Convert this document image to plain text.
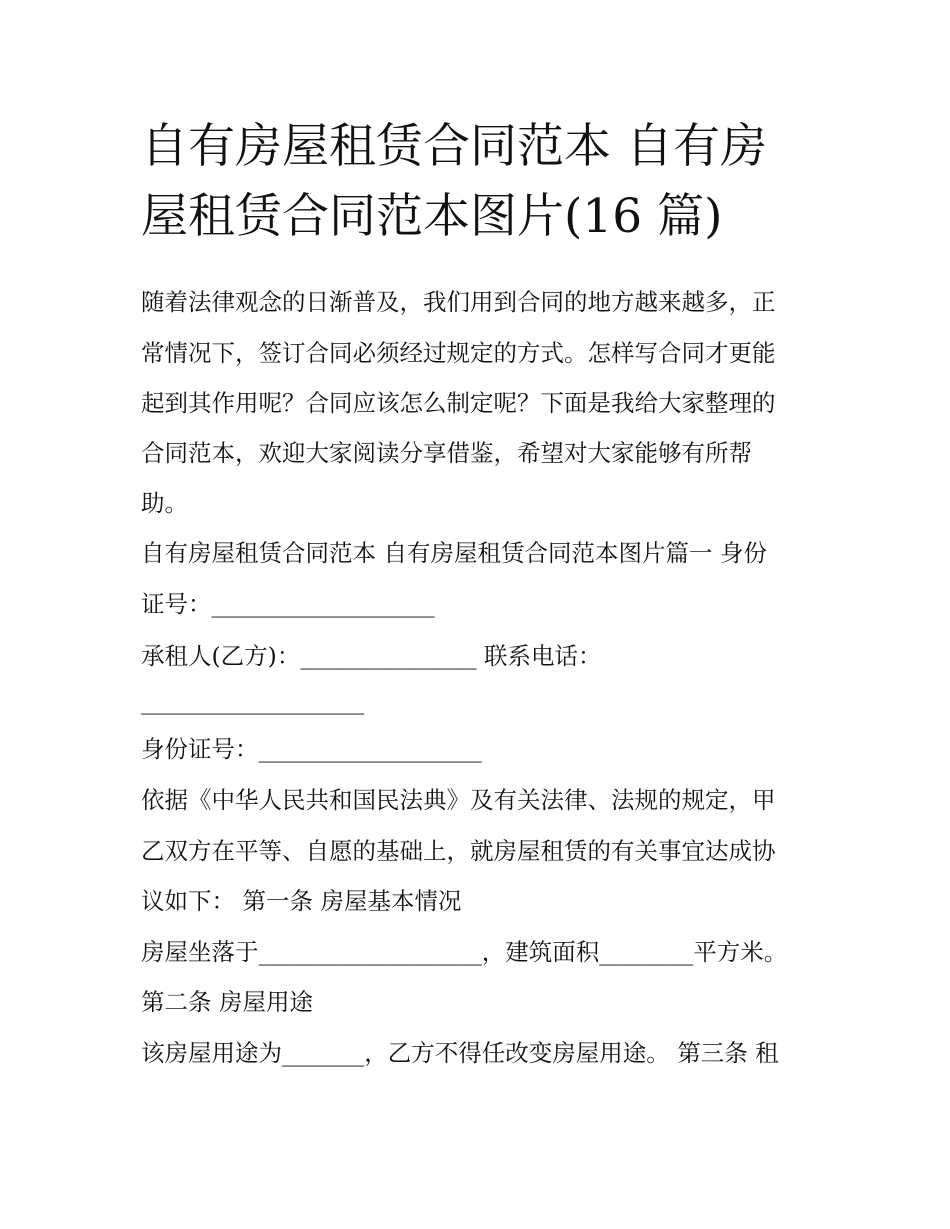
自有房屋租赁合同范本 自有房
屋租赁合同范本图片(16 篇)

随着法律观念的日渐普及，我们用到合同的地方越来越多，正

常情况下，签订合同必须经过规定的方式。怎样写合同才更能

起到其作用呢？合同应该怎么制定呢？下面是我给大家整理的

合同范本，欢迎大家阅读分享借鉴，希望对大家能够有所帮

助。

自有房屋租赁合同范本 自有房屋租赁合同范本图片篇一 身份

证号：___________________

承租人(乙方)：_______________ 联系电话：

___________________

身份证号：___________________

依据《中华人民共和国民法典》及有关法律、法规的规定，甲

乙双方在平等、自愿的基础上，就房屋租赁的有关事宜达成协

议如下： 第一条 房屋基本情况

房屋坐落于___________________，建筑面积________平方米。

第二条 房屋用途

该房屋用途为_______，乙方不得任改变房屋用途。 第三条 租
